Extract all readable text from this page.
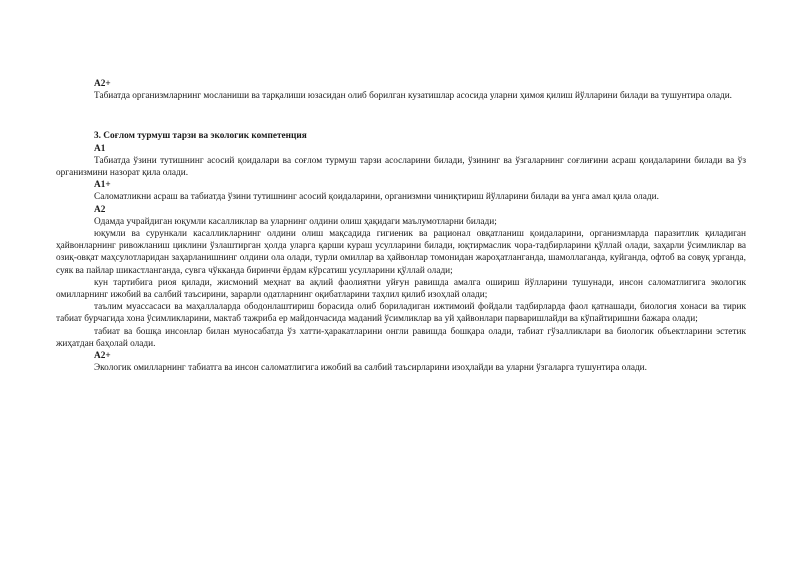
A2+

Табиатда организмларнинг мосланиши ва тарқалиши юзасидан олиб борилган кузатишлар асосида уларни ҳимоя қилиш йўлларини билади ва тушунтира олади.

3. Соғлом турмуш тарзи ва экологик компетенция
A1

Табиатда ўзини тутишнинг асосий қоидалари ва соғлом турмуш тарзи асосларини билади, ўзининг ва ўзгаларнинг соғлиғини асраш қоидаларини билади ва ўз организмини назорат қила олади.

A1+

Саломатликни асраш ва табиатда ўзини тутишнинг асосий қоидаларини, организмни чиниқтириш йўлларини билади ва унга амал қила олади.

A2

Одамда учрайдиган юқумли касалликлар ва уларнинг олдини олиш ҳақидаги маълумотларни билади;

юқумли ва сурункали касалликларнинг олдини олиш мақсадида гигиеник ва рационал овқатланиш қоидаларини, организмларда паразитлик қиладиган ҳайвонларнинг ривожланиш циклини ўзлаштирган ҳолда уларга қарши кураш усулларини билади, юқтирмаслик чора-тадбирларини қўллай олади, заҳарли ўсимликлар ва озиқ-овқат маҳсулотларидан заҳарланишнинг олдини ола олади, турли омиллар ва ҳайвонлар томонидан жароҳатланганда, шамоллаганда, куйганда, офтоб ва совуқ урганда, суяк ва пайлар шикастланганда, сувга чўкканда биринчи ёрдам кўрсатиш усулларини қўллай олади;

кун тартибига риоя қилади, жисмоний меҳнат ва ақлий фаолиятни уйғун равишда амалга ошириш йўлларини тушунади, инсон саломатлигига экологик омилларнинг ижобий ва салбий таъсирини, зарарли одатларнинг оқибатларини таҳлил қилиб изоҳлай олади;

таълим муассасаси ва маҳаллаларда ободонлаштириш борасида олиб бориладиган ижтимоий фойдали тадбирларда фаол қатнашади, биология хонаси ва тирик табиат бурчагида хона ўсимликларини, мактаб тажриба ер майдончасида маданий ўсимликлар ва уй ҳайвонлари парваришлайди ва кўпайтиришни бажара олади;

табиат ва бошқа инсонлар билан муносабатда ўз хатти-ҳаракатларини онгли равишда бошқара олади, табиат гўзалликлари ва биологик объектларини эстетик жиҳатдан баҳолай олади.

A2+

Экологик омилларнинг табиатга ва инсон саломатлигига ижобий ва салбий таъсирларини изоҳлайди ва уларни ўзгаларга тушунтира олади.
